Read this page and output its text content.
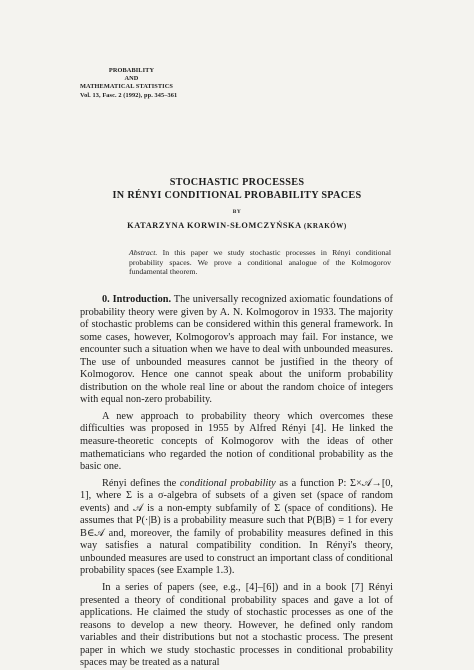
PROBABILITY
AND
MATHEMATICAL STATISTICS
Vol. 13, Fasc. 2 (1992), pp. 345–361
STOCHASTIC PROCESSES
IN RÉNYI CONDITIONAL PROBABILITY SPACES
BY
KATARZYNA KORWIN-SŁOMCZYŃSKA (KRAKÓW)
Abstract. In this paper we study stochastic processes in Rényi conditional probability spaces. We prove a conditional analogue of the Kolmogorov fundamental theorem.

0. Introduction. The universally recognized axiomatic foundations of probability theory were given by A. N. Kolmogorov in 1933. The majority of stochastic problems can be considered within this general framework. In some cases, however, Kolmogorov's approach may fail. For instance, we encounter such a situation when we have to deal with unbounded measures. The use of unbounded measures cannot be justified in the theory of Kolmogorov. Hence one cannot speak about the uniform probability distribution on the whole real line or about the random choice of integers with equal non-zero probability.

A new approach to probability theory which overcomes these difficulties was proposed in 1955 by Alfred Rényi [4]. He linked the measure-theoretic concepts of Kolmogorov with the ideas of other mathematicians who regarded the notion of conditional probability as the basic one.

Rényi defines the conditional probability as a function P: Σ×𝒜→[0, 1], where Σ is a σ-algebra of subsets of a given set (space of random events) and 𝒜 is a non-empty subfamily of Σ (space of conditions). He assumes that P(·|B) is a probability measure such that P(B|B) = 1 for every B∈𝒜 and, moreover, the family of probability measures defined in this way satisfies a natural compatibility condition. In Rényi's theory, unbounded measures are used to construct an important class of conditional probability spaces (see Example 1.3).

In a series of papers (see, e.g., [4]–[6]) and in a book [7] Rényi presented a theory of conditional probability spaces and gave a lot of applications. He claimed the study of stochastic processes as one of the reasons to develop a new theory. However, he defined only random variables and their distributions but not a stochastic process. The present paper in which we study stochastic processes in conditional probability spaces may be treated as a natural
